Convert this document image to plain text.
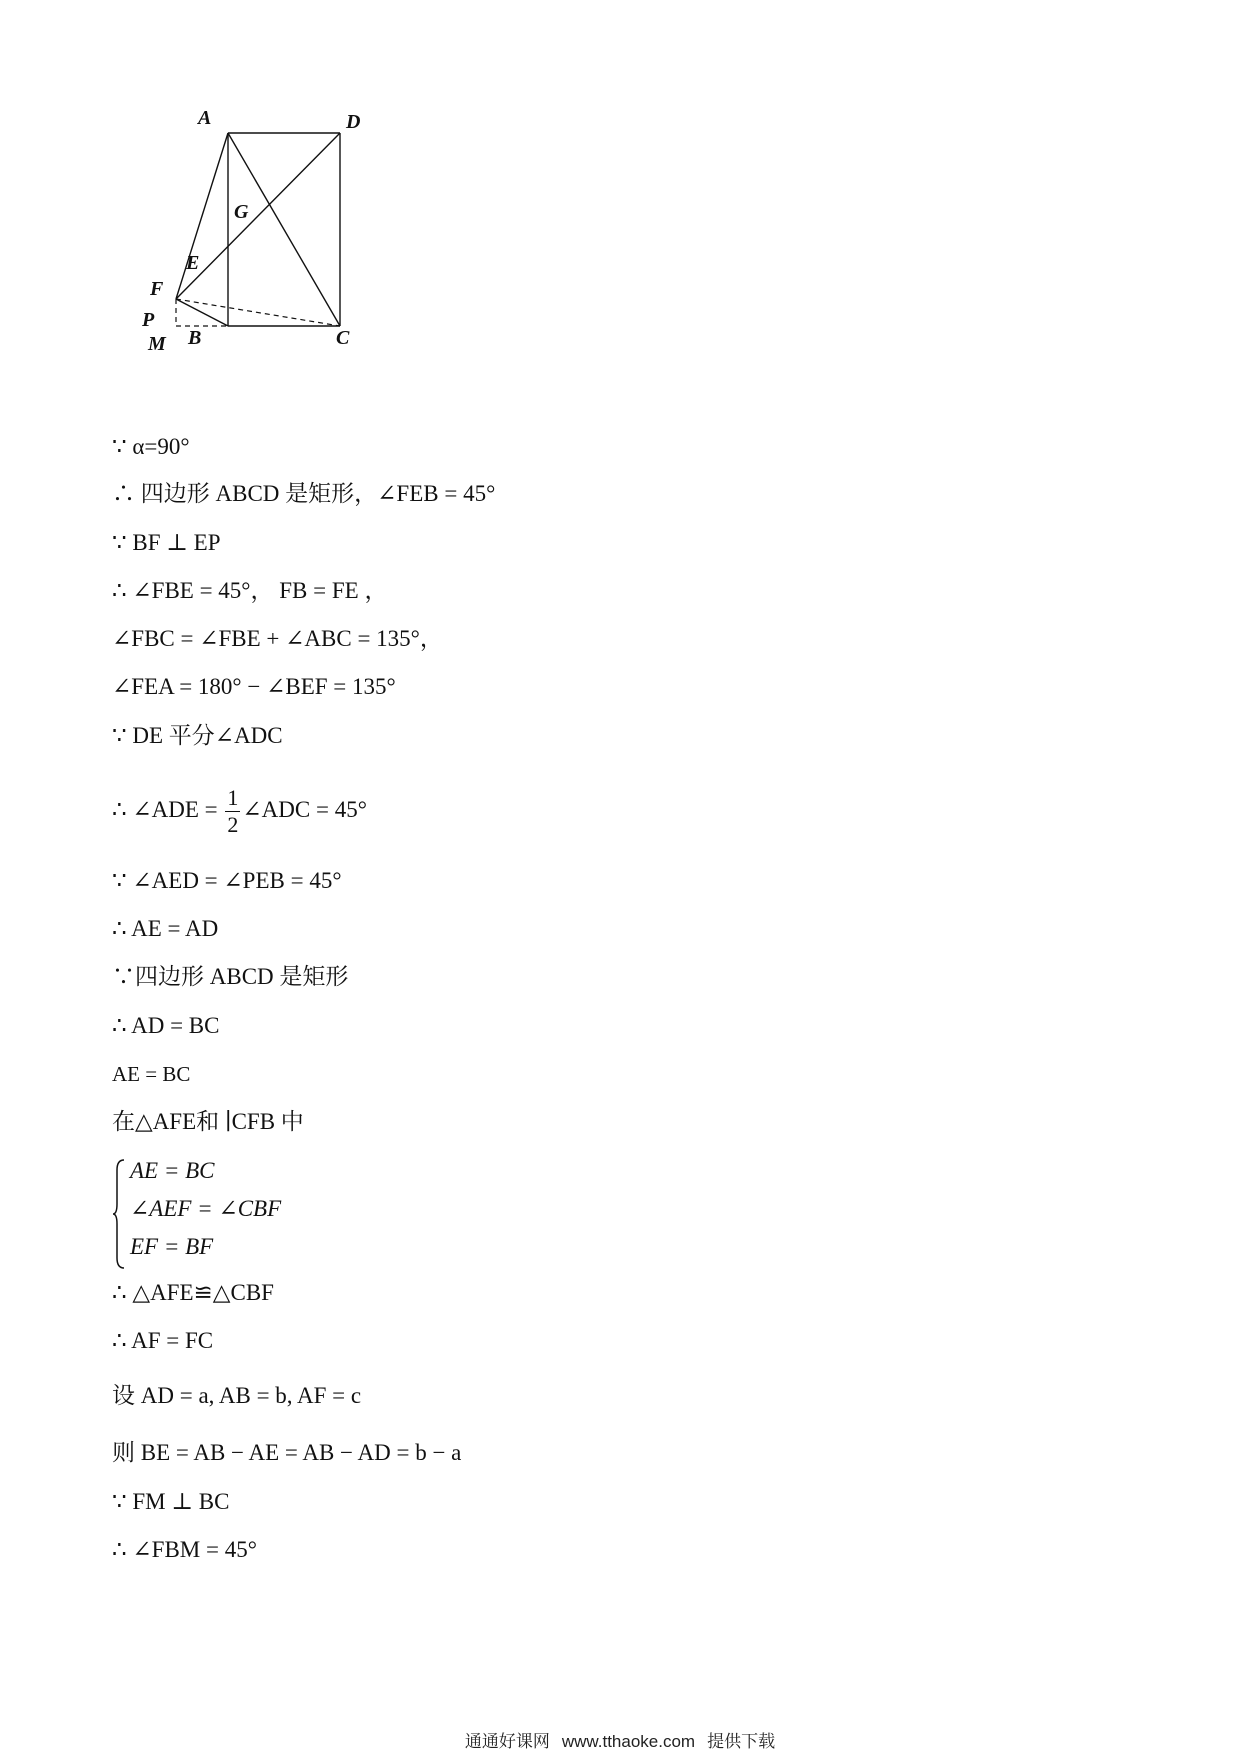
A	D
G
E
F
P
M B	C
∵ α=90°
∴ 四边形 ABCD 是矩形，∠FEB = 45°
∵ BF ⊥ EP
∴ ∠FBE = 45°， FB = FE ，
∠FBC = ∠FBE + ∠ABC = 135°，
∠FEA = 180° − ∠BEF = 135°
∵ DE 平分∠ADC
∴ ∠ADE = $\frac{1}{2}$ ∠ADC = 45°
∵ ∠AED = ∠PEB = 45°
∴ AE = AD
∵四边形 ABCD 是矩形
∴ AD = BC
AE = BC
在△AFE和 ∣CFB 中
AE = BC
∠AEF = ∠CBF
EF = BF
∴ △AFE≌△CBF
∴ AF = FC
设 AD = a, AB = b, AF = c
则 BE = AB − AE = AB − AD = b − a
∵ FM ⊥ BC
∴ ∠FBM = 45°
通通好课网 www.tthaoke.com 提供下载
